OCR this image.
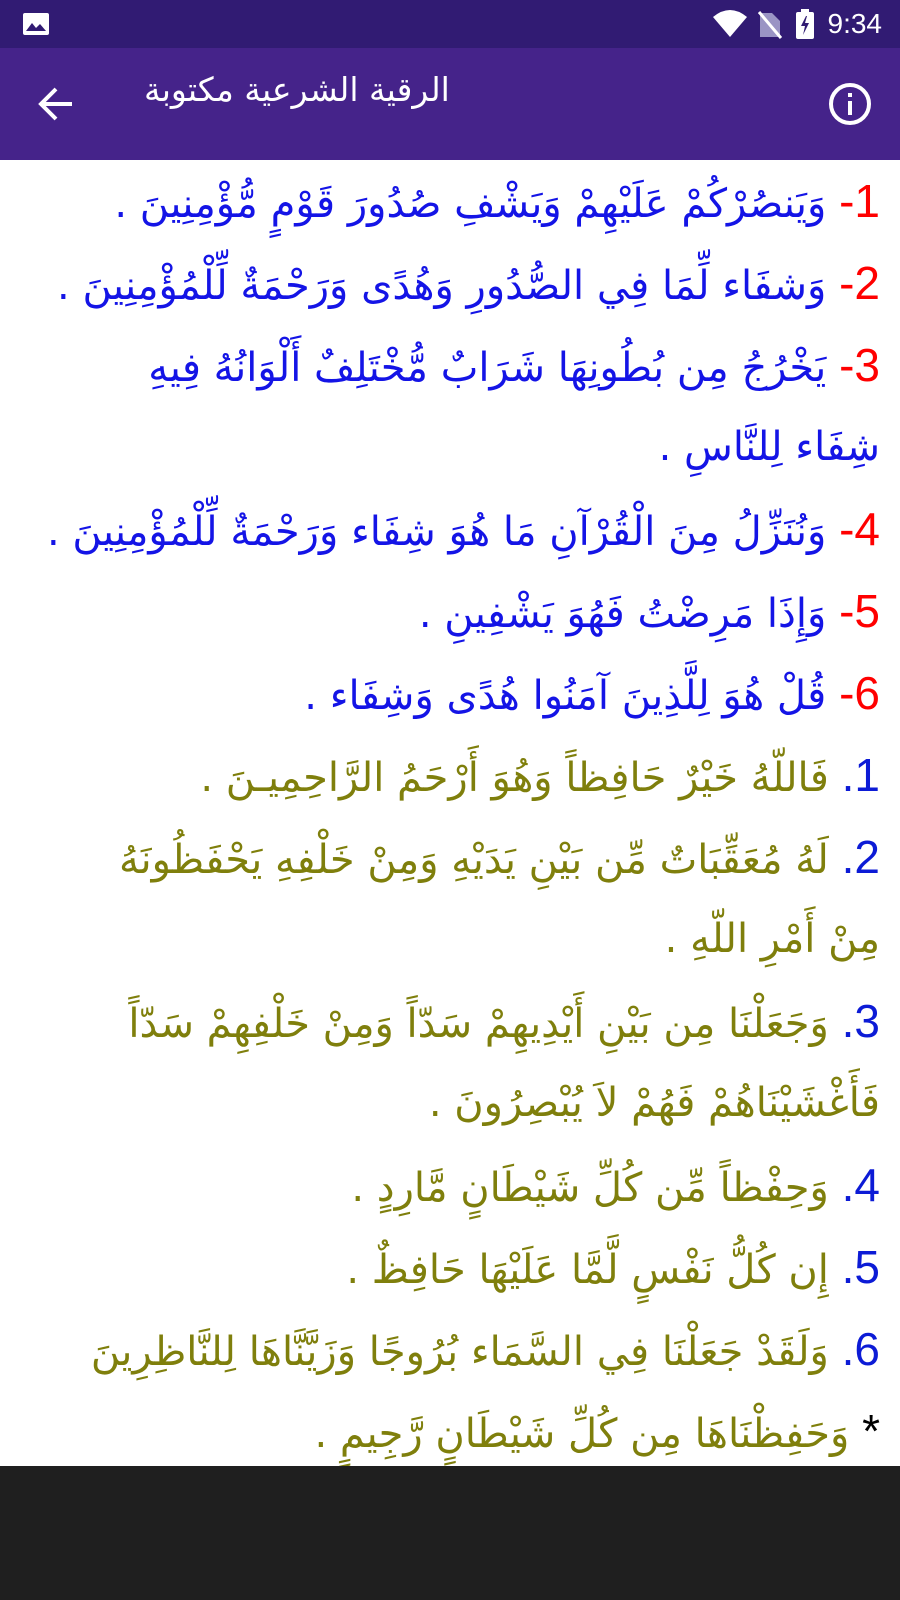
9:34
الرقية الشرعية مكتوبة
1- وَيَنصُرْكُمْ عَلَيْهِمْ وَيَشْفِ صُدُورَ قَوْمٍ مُّؤْمِنِينَ .
2- وَشفَاء لِّمَا فِي الصُّدُورِ وَهُدًى وَرَحْمَةٌ لِّلْمُؤْمِنِينَ .
3- يَخْرُجُ مِن بُطُونِهَا شَرَابٌ مُّخْتَلِفٌ أَلْوَانُهُ فِيهِ
شِفَاء لِلنَّاسِ .
4- وَنُنَزِّلُ مِنَ الْقُرْآنِ مَا هُوَ شِفَاء وَرَحْمَةٌ لِّلْمُؤْمِنِينَ .
5- وَإِذَا مَرِضْتُ فَهُوَ يَشْفِينِ .
6- قُلْ هُوَ لِلَّذِينَ آمَنُوا هُدًى وَشِفَاء .
1. فَاللّهُ خَيْرٌ حَافِظاً وَهُوَ أَرْحَمُ الرَّاحِمِيـنَ .
2. لَهُ مُعَقِّبَاتٌ مِّن بَيْنِ يَدَيْهِ وَمِنْ خَلْفِهِ يَحْفَظُونَهُ
مِنْ أَمْرِ اللّهِ .
3. وَجَعَلْنَا مِن بَيْنِ أَيْدِيهِمْ سَدّاً وَمِنْ خَلْفِهِمْ سَدّاً
فَأَغْشَيْنَاهُمْ فَهُمْ لاَ يُبْصِرُونَ .
4. وَحِفْظاً مِّن كُلِّ شَيْطَانٍ مَّارِدٍ .
5. إِن كُلُّ نَفْسٍ لَّمَّا عَلَيْهَا حَافِظٌ .
6. وَلَقَدْ جَعَلْنَا فِي السَّمَاء بُرُوجًا وَزَيَّنَّاهَا لِلنَّاظِرِينَ
* وَحَفِظْنَاهَا مِن كُلِّ شَيْطَانٍ رَّجِيمٍ .
